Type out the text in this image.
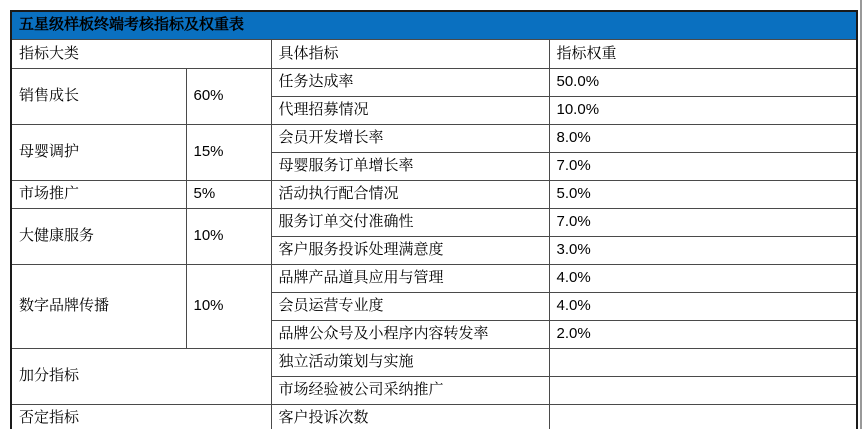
五星级样板终端考核指标及权重表			
指标大类		具体指标	指标权重
销售成长	60%	任务达成率	50.0%
		代理招募情况	10.0%
母婴调护	15%	会员开发增长率	8.0%
		母婴服务订单增长率	7.0%
市场推广	5%	活动执行配合情况	5.0%
大健康服务	10%	服务订单交付准确性	7.0%
		客户服务投诉处理满意度	3.0%
数字品牌传播	10%	品牌产品道具应用与管理	4.0%
		会员运营专业度	4.0%
		品牌公众号及小程序内容转发率	2.0%
加分指标		独立活动策划与实施	
		市场经验被公司采纳推广	
否定指标		客户投诉次数	
